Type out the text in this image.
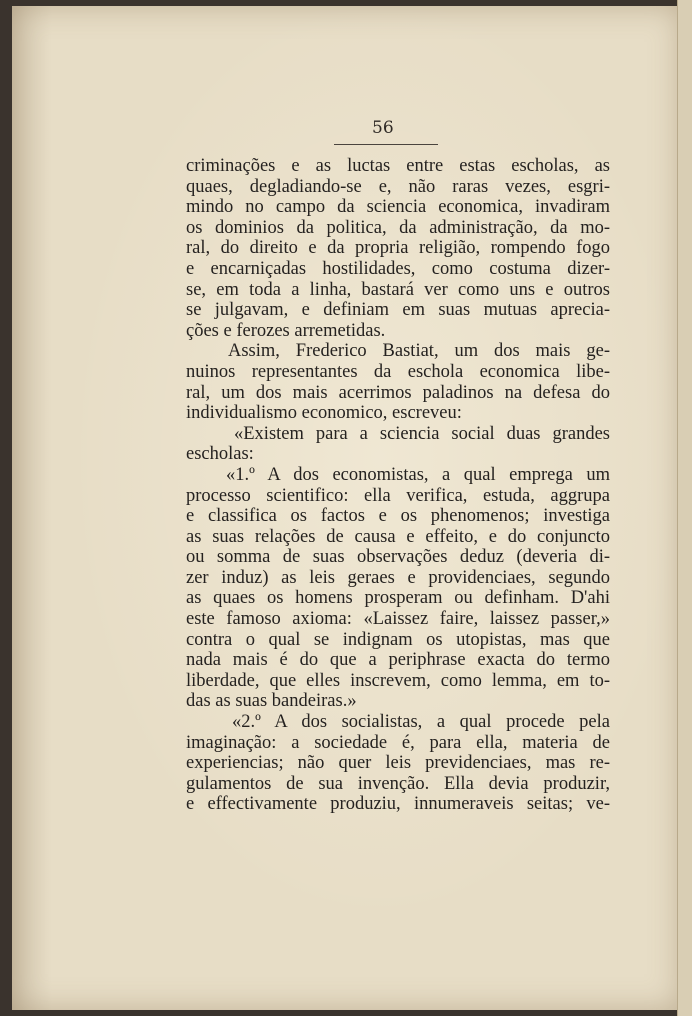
56
criminações e as luctas entre estas escholas, as
quaes, degladiando-se e, não raras vezes, esgri-
mindo no campo da sciencia economica, invadiram
os dominios da politica, da administração, da mo-
ral, do direito e da propria religião, rompendo fogo
e encarniçadas hostilidades, como costuma dizer-
se, em toda a linha, bastará ver como uns e outros
se julgavam, e definiam em suas mutuas aprecia-
ções e ferozes arremetidas.
Assim, Frederico Bastiat, um dos mais ge-
nuinos representantes da eschola economica libe-
ral, um dos mais acerrimos paladinos na defesa do
individualismo economico, escreveu:
«Existem para a sciencia social duas grandes
escholas:
«1.º A dos economistas, a qual emprega um
processo scientifico: ella verifica, estuda, aggrupa
e classifica os factos e os phenomenos; investiga
as suas relações de causa e effeito, e do conjuncto
ou somma de suas observações deduz (deveria di-
zer induz) as leis geraes e providenciaes, segundo
as quaes os homens prosperam ou definham. D'ahi
este famoso axioma: «Laissez faire, laissez passer,»
contra o qual se indignam os utopistas, mas que
nada mais é do que a periphrase exacta do termo
liberdade, que elles inscrevem, como lemma, em to-
das as suas bandeiras.»
«2.º A dos socialistas, a qual procede pela
imaginação: a sociedade é, para ella, materia de
experiencias; não quer leis previdenciaes, mas re-
gulamentos de sua invenção. Ella devia produzir,
e effectivamente produziu, innumeraveis seitas; ve-
